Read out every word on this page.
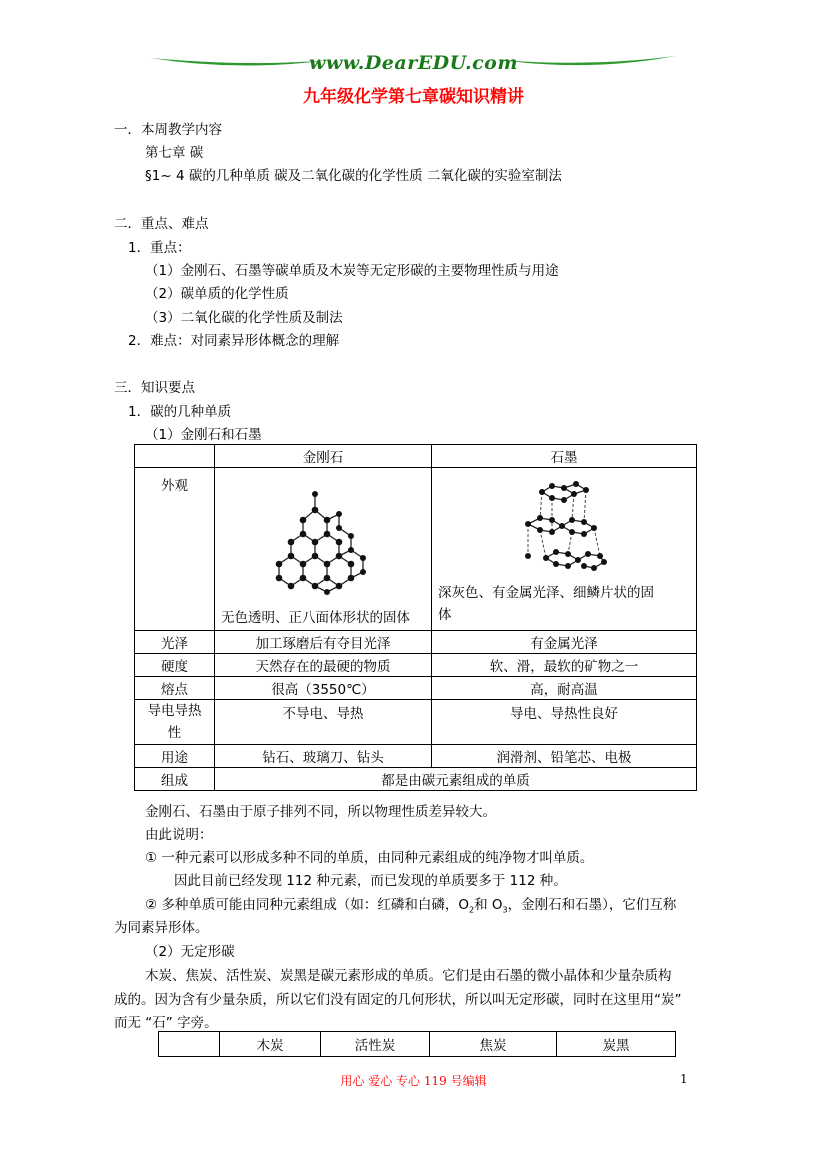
www.DearEDU.com
九年级化学第七章碳知识精讲
一．本周教学内容
第七章 碳
§1~ 4 碳的几种单质 碳及二氧化碳的化学性质 二氧化碳的实验室制法
二．重点、难点
1．重点：
（1）金刚石、石墨等碳单质及木炭等无定形碳的主要物理性质与用途
（2）碳单质的化学性质
（3）二氧化碳的化学性质及制法
2．难点：对同素异形体概念的理解
三．知识要点
1．碳的几种单质
（1）金刚石和石墨
	金刚石	石墨
外观	无色透明、正八面体形状的固体	深灰色、有金属光泽、细鳞片状的固
体

光泽	加工琢磨后有夺目光泽	有金属光泽
硬度	天然存在的最硬的物质	软、滑，最软的矿物之一
熔点	很高（3550℃）	高，耐高温
导电导热性	不导电、导热	导电、导热性良好
用途	钻石、玻璃刀、钻头	润滑剂、铅笔芯、电极
组成	都是由碳元素组成的单质	
金刚石、石墨由于原子排列不同，所以物理性质差异较大。
由此说明：
① 一种元素可以形成多种不同的单质，由同种元素组成的纯净物才叫单质。
因此目前已经发现 112 种元素，而已发现的单质要多于 112 种。
② 多种单质可能由同种元素组成（如：红磷和白磷，$O_2$和 $O_3$，金刚石和石墨），它们互称
为同素异形体。
（2）无定形碳
木炭、焦炭、活性炭、炭黑是碳元素形成的单质。它们是由石墨的微小晶体和少量杂质构
成的。因为含有少量杂质，所以它们没有固定的几何形状，所以叫无定形碳，同时在这里用“炭”
而无 “石” 字旁。
	木炭	活性炭	焦炭	炭黑
用心 爱心 专心 119 号编辑	1
